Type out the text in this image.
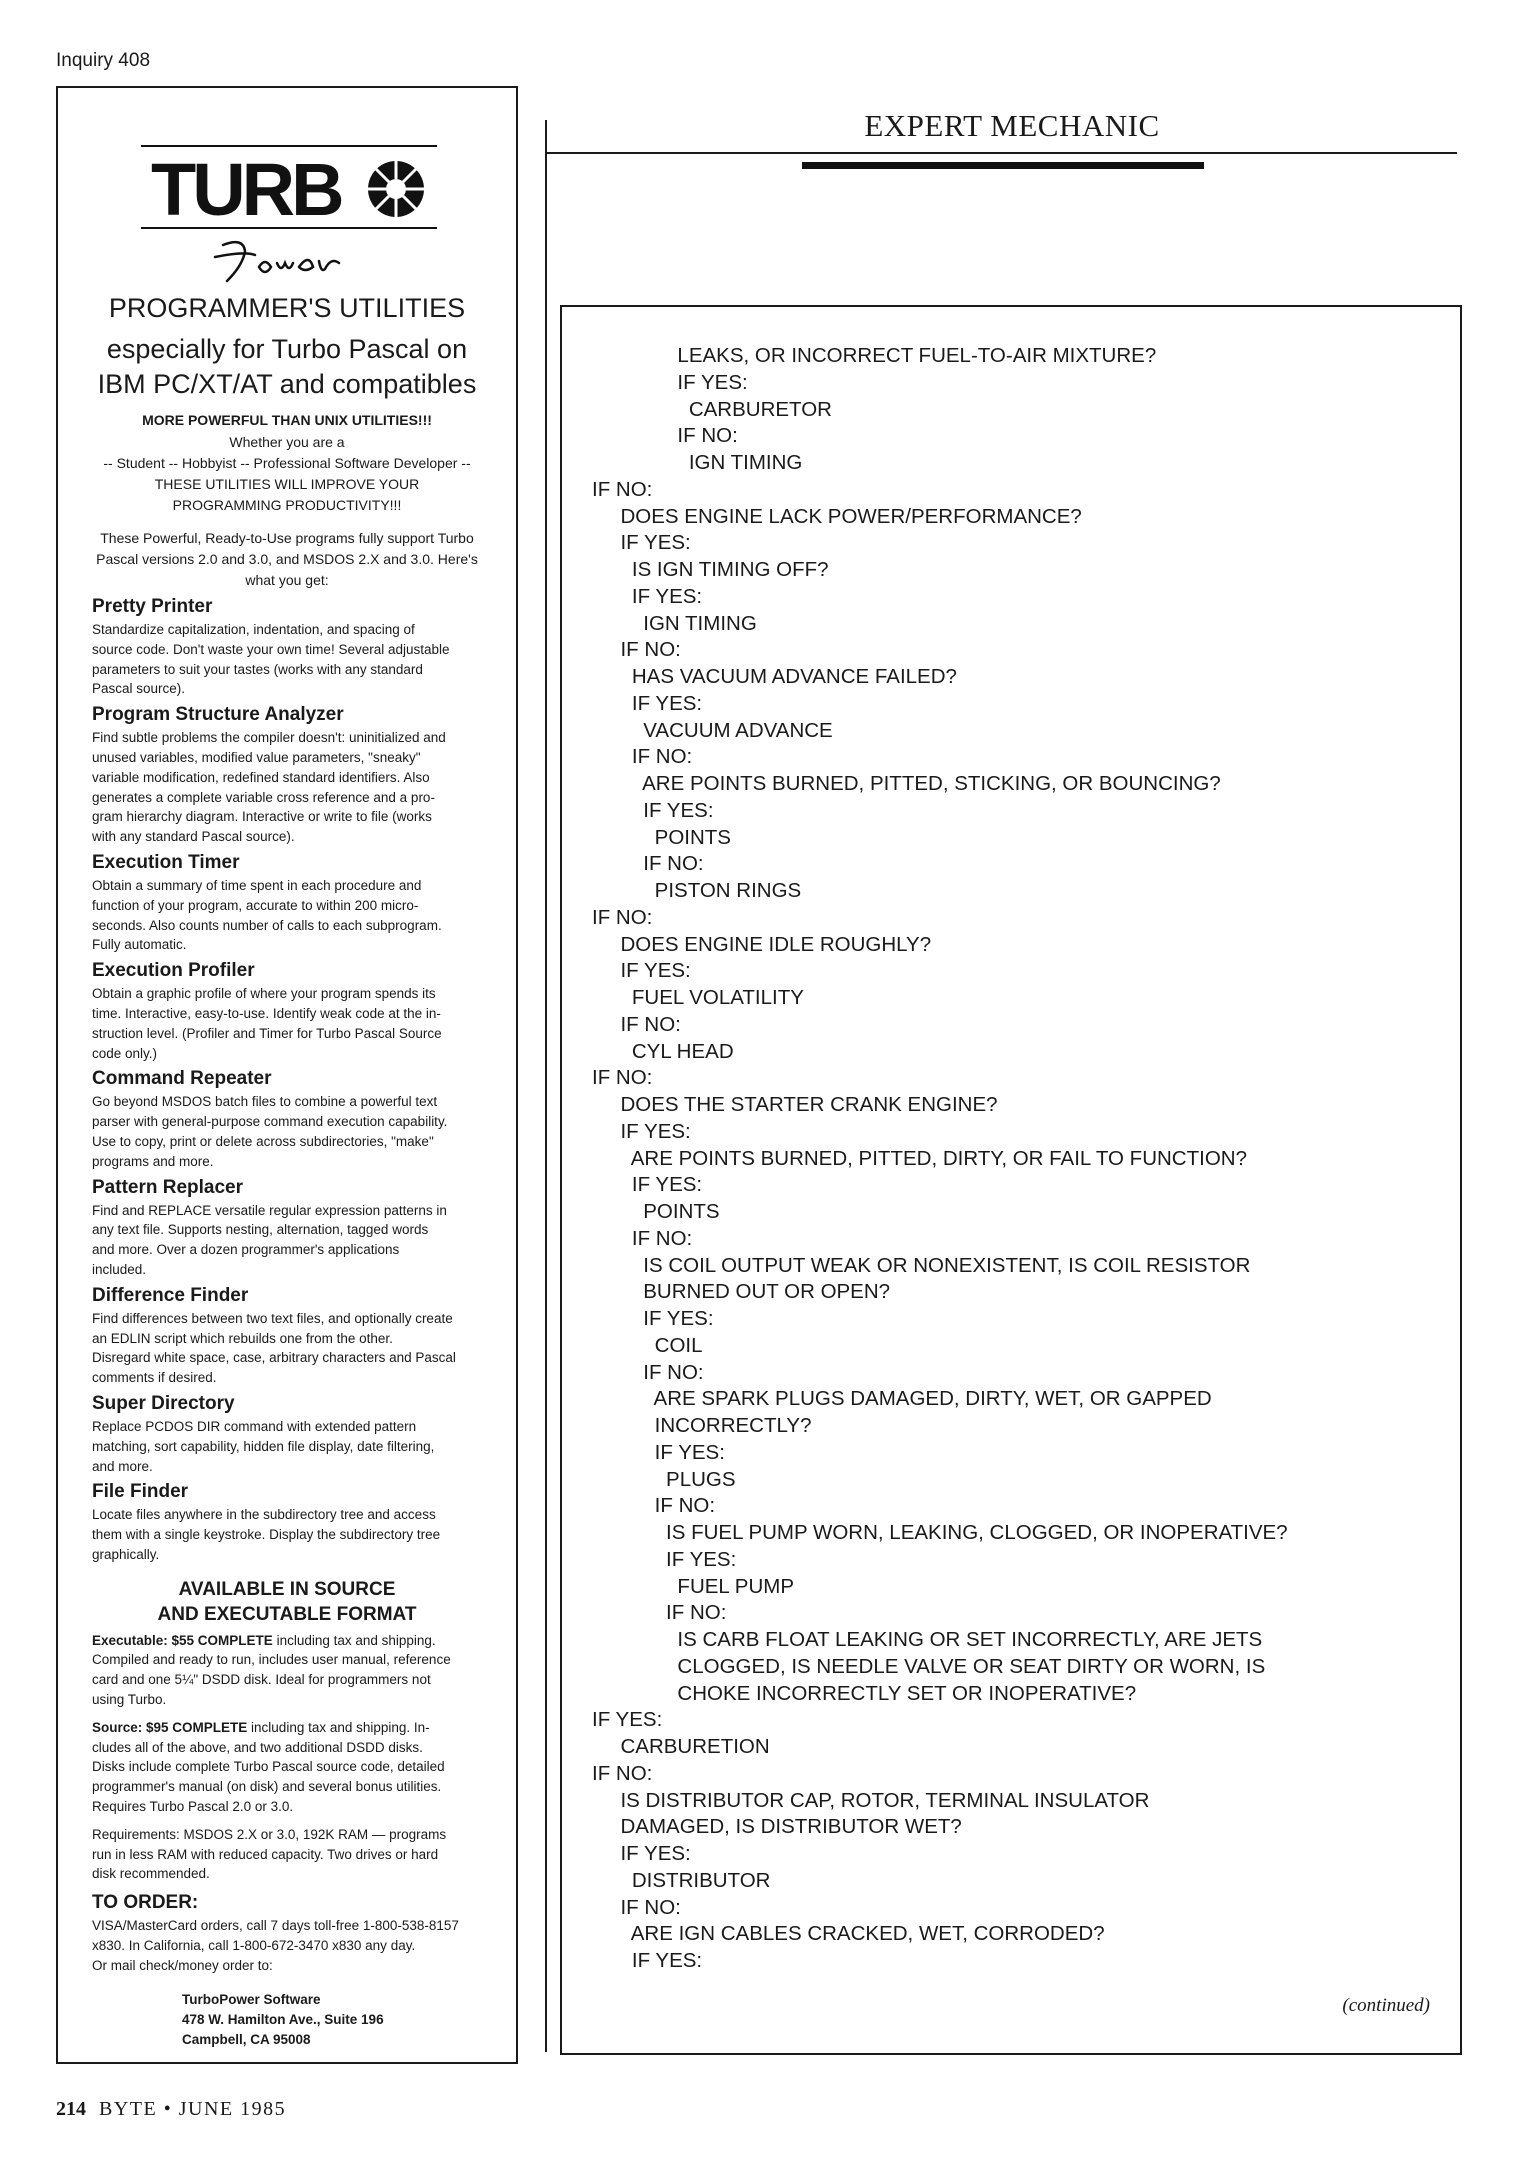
Inquiry 408
TURB

PROGRAMMER'S UTILITIES

especially for Turbo Pascal on
IBM PC/XT/AT and compatibles

MORE POWERFUL THAN UNIX UTILITIES!!!

Whether you are a
-- Student -- Hobbyist -- Professional Software Developer --
THESE UTILITIES WILL IMPROVE YOUR
PROGRAMMING PRODUCTIVITY!!!

These Powerful, Ready-to-Use programs fully support Turbo
Pascal versions 2.0 and 3.0, and MSDOS 2.X and 3.0. Here's
what you get:

Pretty Printer

Standardize capitalization, indentation, and spacing of
source code. Don't waste your own time! Several adjustable
parameters to suit your tastes (works with any standard
Pascal source).

Program Structure Analyzer

Find subtle problems the compiler doesn't: uninitialized and
unused variables, modified value parameters, "sneaky"
variable modification, redefined standard identifiers. Also
generates a complete variable cross reference and a pro-
gram hierarchy diagram. Interactive or write to file (works
with any standard Pascal source).

Execution Timer

Obtain a summary of time spent in each procedure and
function of your program, accurate to within 200 micro-
seconds. Also counts number of calls to each subprogram.
Fully automatic.

Execution Profiler

Obtain a graphic profile of where your program spends its
time. Interactive, easy-to-use. Identify weak code at the in-
struction level. (Profiler and Timer for Turbo Pascal Source
code only.)

Command Repeater

Go beyond MSDOS batch files to combine a powerful text
parser with general-purpose command execution capability.
Use to copy, print or delete across subdirectories, "make"
programs and more.

Pattern Replacer

Find and REPLACE versatile regular expression patterns in
any text file. Supports nesting, alternation, tagged words
and more. Over a dozen programmer's applications
included.

Difference Finder

Find differences between two text files, and optionally create
an EDLIN script which rebuilds one from the other.
Disregard white space, case, arbitrary characters and Pascal
comments if desired.

Super Directory

Replace PCDOS DIR command with extended pattern
matching, sort capability, hidden file display, date filtering,
and more.

File Finder

Locate files anywhere in the subdirectory tree and access
them with a single keystroke. Display the subdirectory tree
graphically.

AVAILABLE IN SOURCE
AND EXECUTABLE FORMAT

Executable: $55 COMPLETE including tax and shipping.
Compiled and ready to run, includes user manual, reference
card and one 5¼" DSDD disk. Ideal for programmers not
using Turbo.

Source: $95 COMPLETE including tax and shipping. In-
cludes all of the above, and two additional DSDD disks.
Disks include complete Turbo Pascal source code, detailed
programmer's manual (on disk) and several bonus utilities.
Requires Turbo Pascal 2.0 or 3.0.

Requirements: MSDOS 2.X or 3.0, 192K RAM — programs
run in less RAM with reduced capacity. Two drives or hard
disk recommended.

TO ORDER:

VISA/MasterCard orders, call 7 days toll-free 1-800-538-8157
x830. In California, call 1-800-672-3470 x830 any day.
Or mail check/money order to:

TurboPower Software
478 W. Hamilton Ave., Suite 196
Campbell, CA 95008

EXPERT MECHANIC
LEAKS, OR INCORRECT FUEL-TO-AIR MIXTURE?
IF YES:
CARBURETOR
IF NO:
IGN TIMING
IF NO:
DOES ENGINE LACK POWER/PERFORMANCE?
IF YES:
IS IGN TIMING OFF?
IF YES:
IGN TIMING
IF NO:
HAS VACUUM ADVANCE FAILED?
IF YES:
VACUUM ADVANCE
IF NO:
ARE POINTS BURNED, PITTED, STICKING, OR BOUNCING?
IF YES:
POINTS
IF NO:
PISTON RINGS
IF NO:
DOES ENGINE IDLE ROUGHLY?
IF YES:
FUEL VOLATILITY
IF NO:
CYL HEAD
IF NO:
DOES THE STARTER CRANK ENGINE?
IF YES:
ARE POINTS BURNED, PITTED, DIRTY, OR FAIL TO FUNCTION?
IF YES:
POINTS
IF NO:
IS COIL OUTPUT WEAK OR NONEXISTENT, IS COIL RESISTOR
BURNED OUT OR OPEN?
IF YES:
COIL
IF NO:
ARE SPARK PLUGS DAMAGED, DIRTY, WET, OR GAPPED
INCORRECTLY?
IF YES:
PLUGS
IF NO:
IS FUEL PUMP WORN, LEAKING, CLOGGED, OR INOPERATIVE?
IF YES:
FUEL PUMP
IF NO:
IS CARB FLOAT LEAKING OR SET INCORRECTLY, ARE JETS
CLOGGED, IS NEEDLE VALVE OR SEAT DIRTY OR WORN, IS
CHOKE INCORRECTLY SET OR INOPERATIVE?
IF YES:
CARBURETION
IF NO:
IS DISTRIBUTOR CAP, ROTOR, TERMINAL INSULATOR
DAMAGED, IS DISTRIBUTOR WET?
IF YES:
DISTRIBUTOR
IF NO:
ARE IGN CABLES CRACKED, WET, CORRODED?
IF YES:
(continued)
214 BYTE • JUNE 1985
